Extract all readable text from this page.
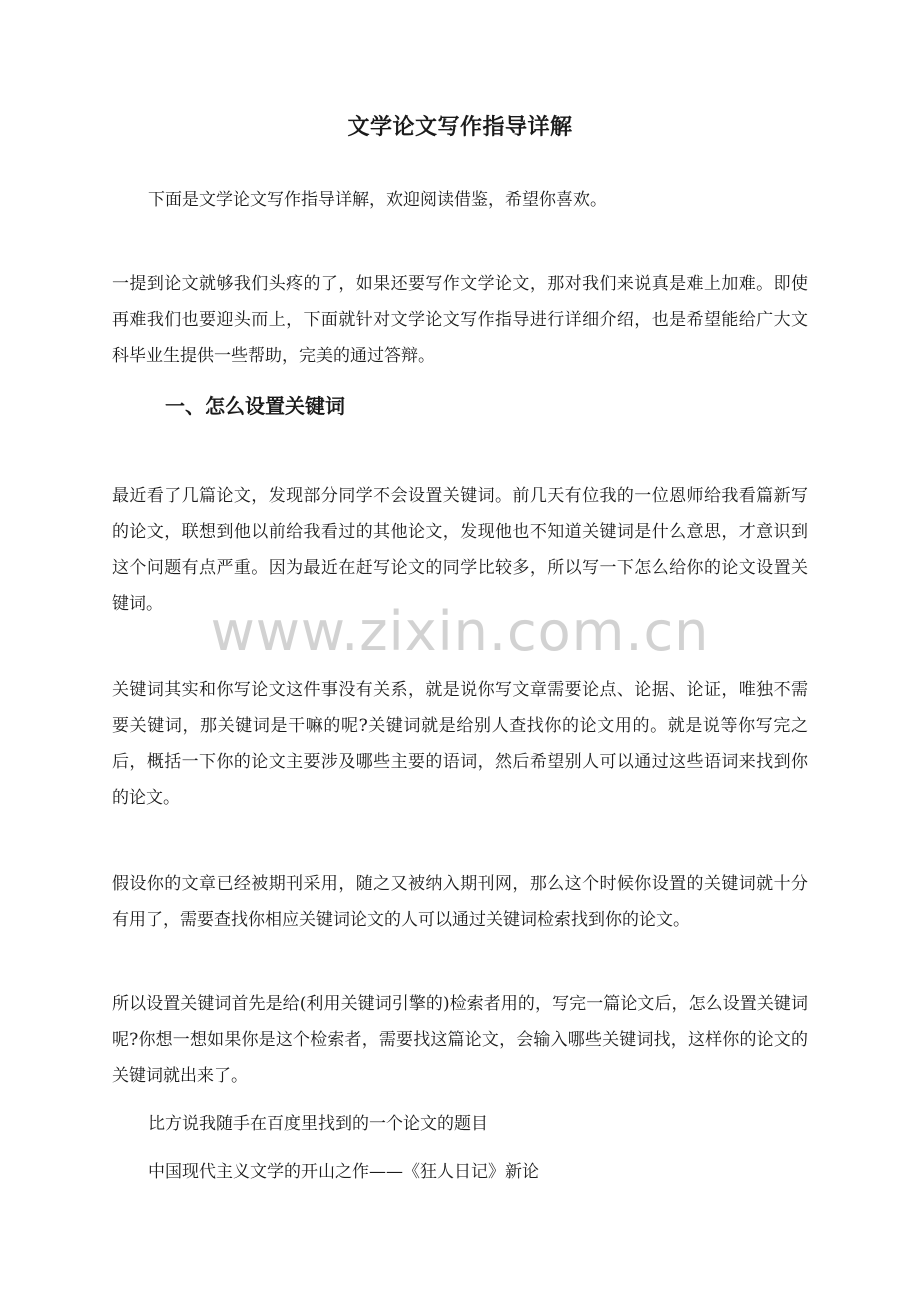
文学论文写作指导详解

下面是文学论文写作指导详解，欢迎阅读借鉴，希望你喜欢。

一提到论文就够我们头疼的了，如果还要写作文学论文，那对我们来说真是难上加难。即使再难我们也要迎头而上，下面就针对文学论文写作指导进行详细介绍，也是希望能给广大文科毕业生提供一些帮助，完美的通过答辩。

一、怎么设置关键词

最近看了几篇论文，发现部分同学不会设置关键词。前几天有位我的一位恩师给我看篇新写的论文，联想到他以前给我看过的其他论文，发现他也不知道关键词是什么意思，才意识到这个问题有点严重。因为最近在赶写论文的同学比较多，所以写一下怎么给你的论文设置关键词。 www.zixin.com.cn

关键词其实和你写论文这件事没有关系，就是说你写文章需要论点、论据、论证，唯独不需要关键词，那关键词是干嘛的呢?关键词就是给别人查找你的论文用的。就是说等你写完之后，概括一下你的论文主要涉及哪些主要的语词，然后希望别人可以通过这些语词来找到你的论文。

假设你的文章已经被期刊采用，随之又被纳入期刊网，那么这个时候你设置的关键词就十分有用了，需要查找你相应关键词论文的人可以通过关键词检索找到你的论文。

所以设置关键词首先是给(利用关键词引擎的)检索者用的，写完一篇论文后，怎么设置关键词呢?你想一想如果你是这个检索者，需要找这篇论文，会输入哪些关键词找，这样你的论文的关键词就出来了。

比方说我随手在百度里找到的一个论文的题目

中国现代主义文学的开山之作——《狂人日记》新论
